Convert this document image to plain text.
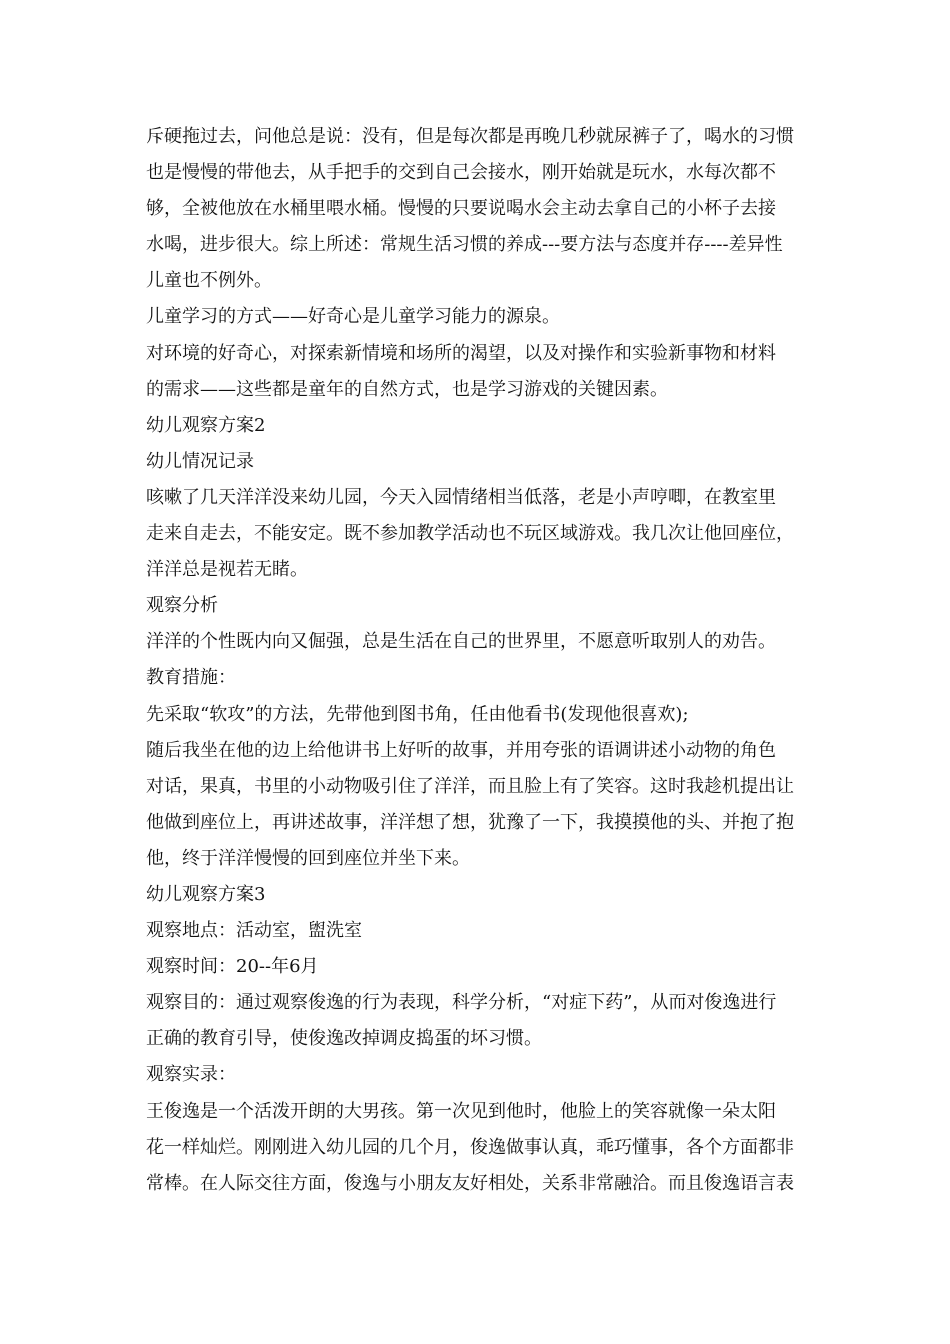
斥硬拖过去，问他总是说：没有，但是每次都是再晚几秒就尿裤子了，喝水的习惯
也是慢慢的带他去，从手把手的交到自己会接水，刚开始就是玩水，水每次都不
够，全被他放在水桶里喂水桶。慢慢的只要说喝水会主动去拿自己的小杯子去接
水喝，进步很大。综上所述：常规生活习惯的养成---要方法与态度并存----差异性
儿童也不例外。
儿童学习的方式——好奇心是儿童学习能力的源泉。
对环境的好奇心，对探索新情境和场所的渴望，以及对操作和实验新事物和材料
的需求——这些都是童年的自然方式，也是学习游戏的关键因素。
幼儿观察方案2
幼儿情况记录
咳嗽了几天洋洋没来幼儿园，今天入园情绪相当低落，老是小声哼唧，在教室里
走来自走去，不能安定。既不参加教学活动也不玩区域游戏。我几次让他回座位，
洋洋总是视若无睹。
观察分析
洋洋的个性既内向又倔强，总是生活在自己的世界里，不愿意听取别人的劝告。
教育措施：
先采取“软攻”的方法，先带他到图书角，任由他看书(发现他很喜欢);
随后我坐在他的边上给他讲书上好听的故事，并用夸张的语调讲述小动物的角色
对话，果真，书里的小动物吸引住了洋洋，而且脸上有了笑容。这时我趁机提出让
他做到座位上，再讲述故事，洋洋想了想，犹豫了一下，我摸摸他的头、并抱了抱
他，终于洋洋慢慢的回到座位并坐下来。
幼儿观察方案3
观察地点：活动室，盥洗室
观察时间：20--年6月
观察目的：通过观察俊逸的行为表现，科学分析，“对症下药”，从而对俊逸进行
正确的教育引导，使俊逸改掉调皮捣蛋的坏习惯。
观察实录：
王俊逸是一个活泼开朗的大男孩。第一次见到他时，他脸上的笑容就像一朵太阳
花一样灿烂。刚刚进入幼儿园的几个月，俊逸做事认真，乖巧懂事，各个方面都非
常棒。在人际交往方面，俊逸与小朋友友好相处，关系非常融洽。而且俊逸语言表
